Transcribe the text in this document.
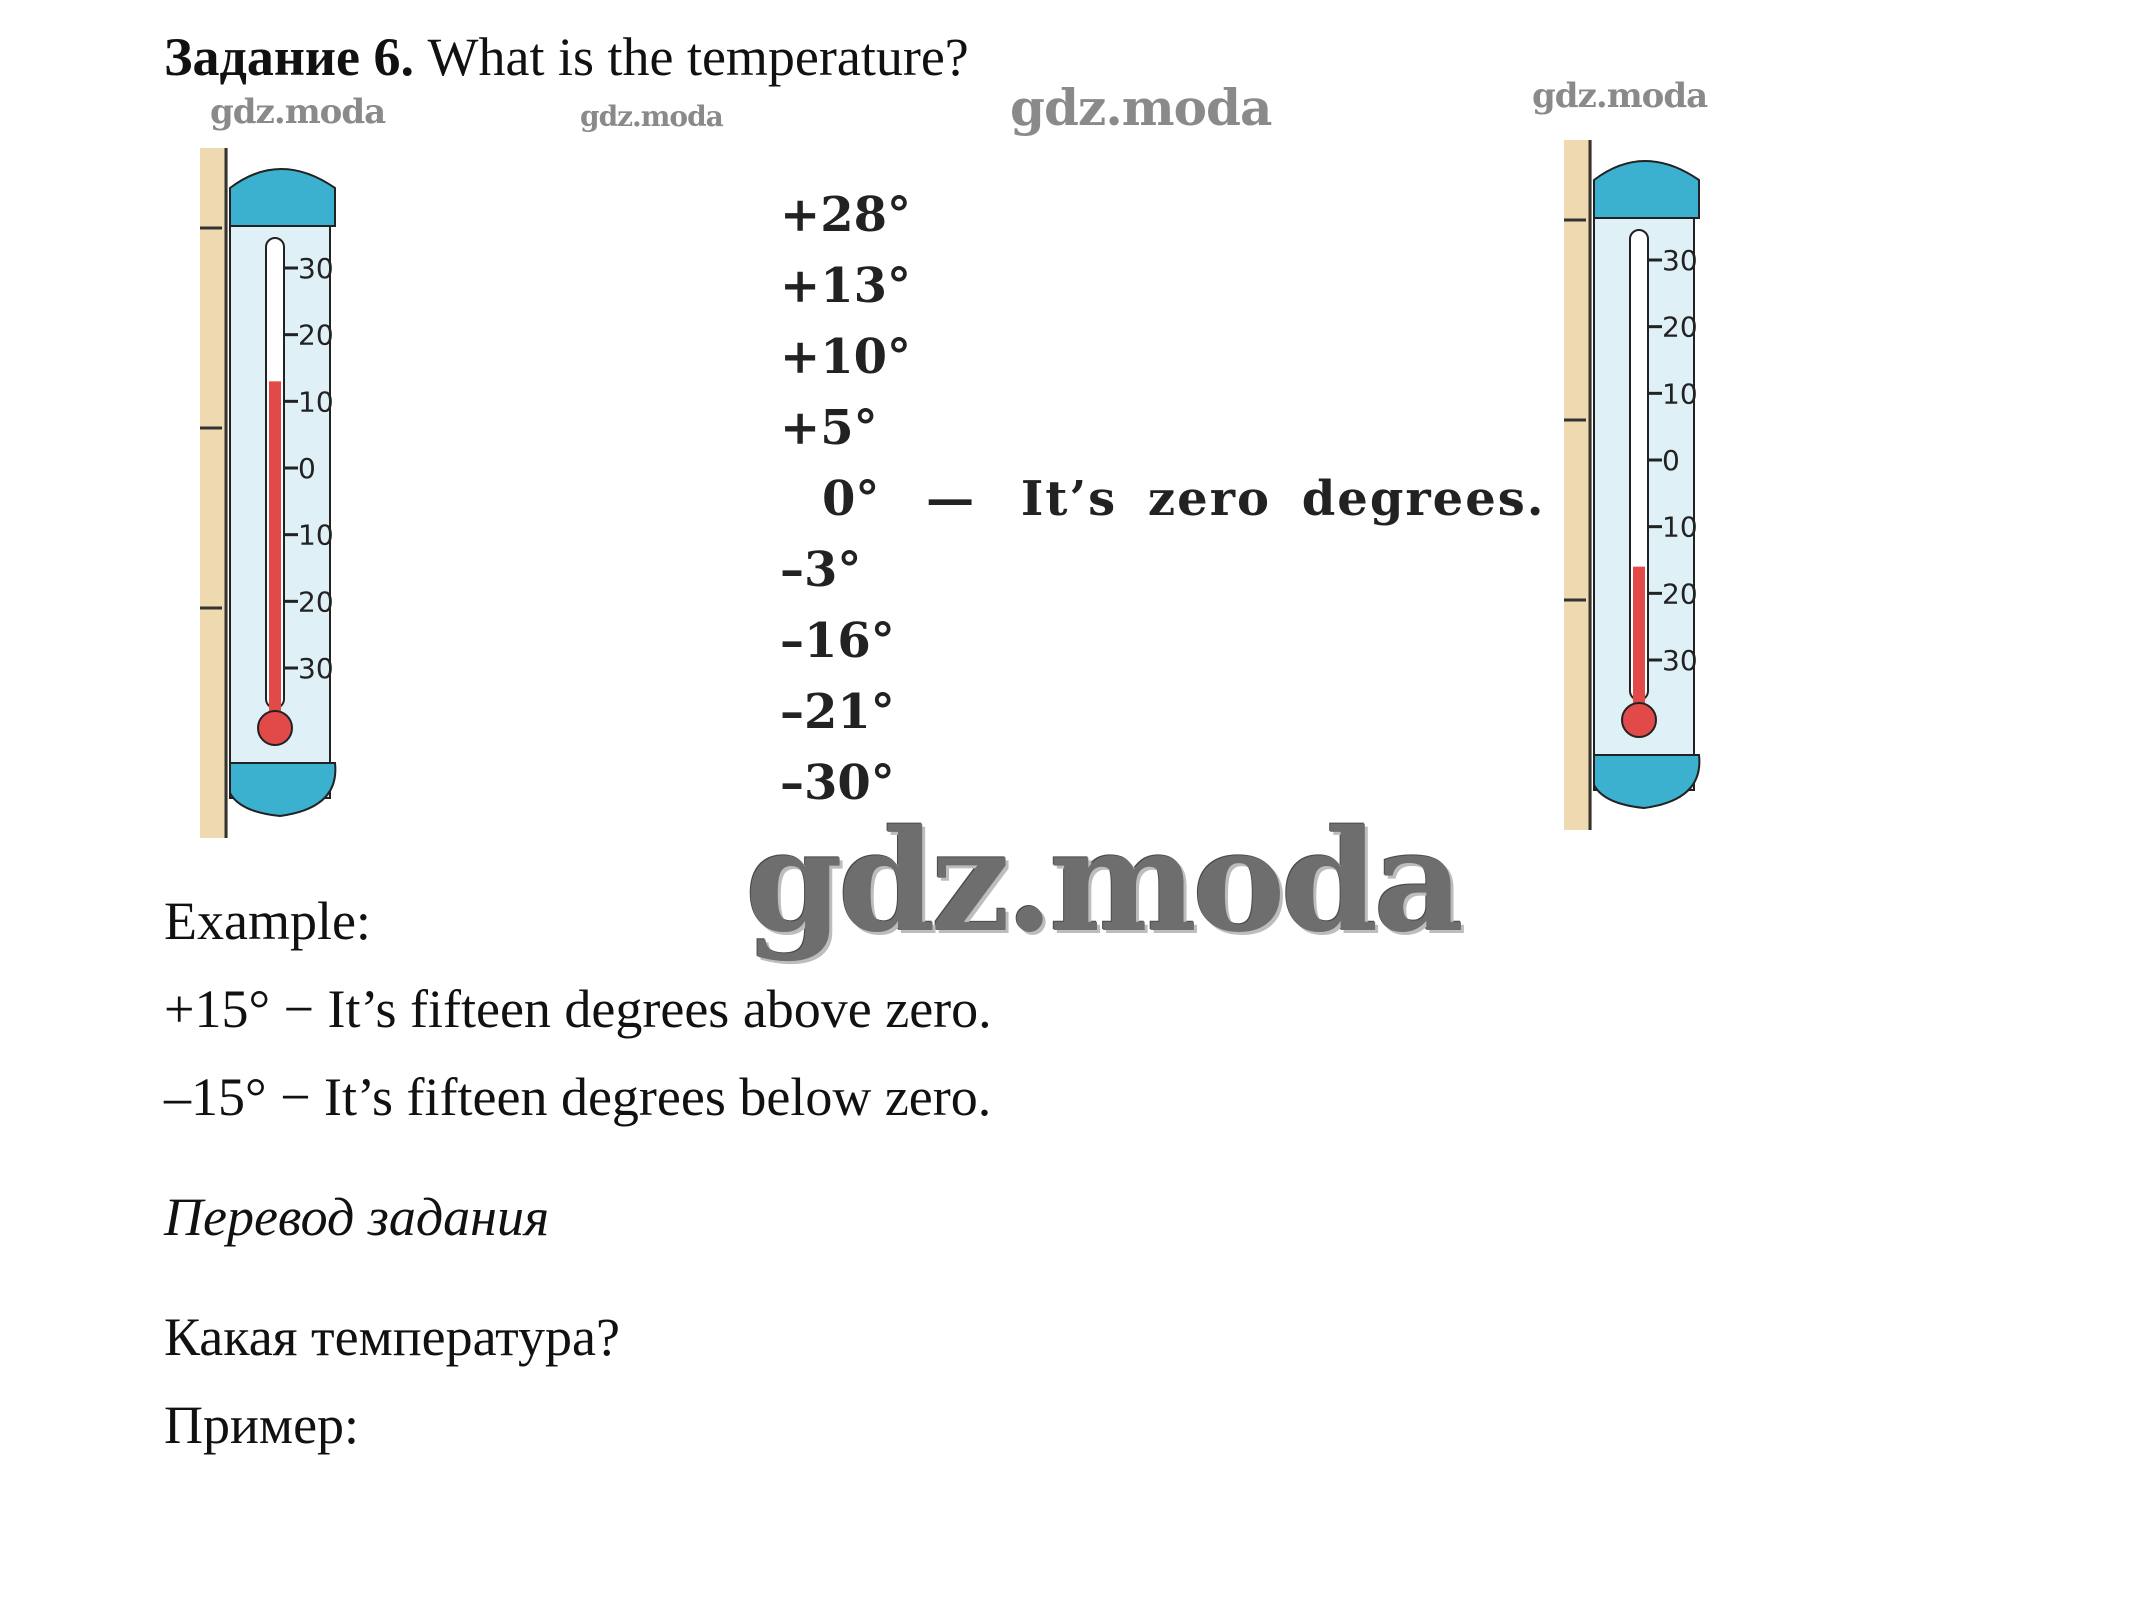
Задание 6. What is the temperature?
gdz.moda	gdz.moda	gdz.moda	gdz.moda
30
20
10
0
10
20
30
+28°
+13°
+10°
+5°
0° — It’s zero degrees.
–3°
–16°
–21°
–30°
30
20
10
0
10
20
30
gdz.moda
Example:
+15° − It’s fifteen degrees above zero.
–15° − It’s fifteen degrees below zero.
Перевод задания
Какая температура?
Пример:
